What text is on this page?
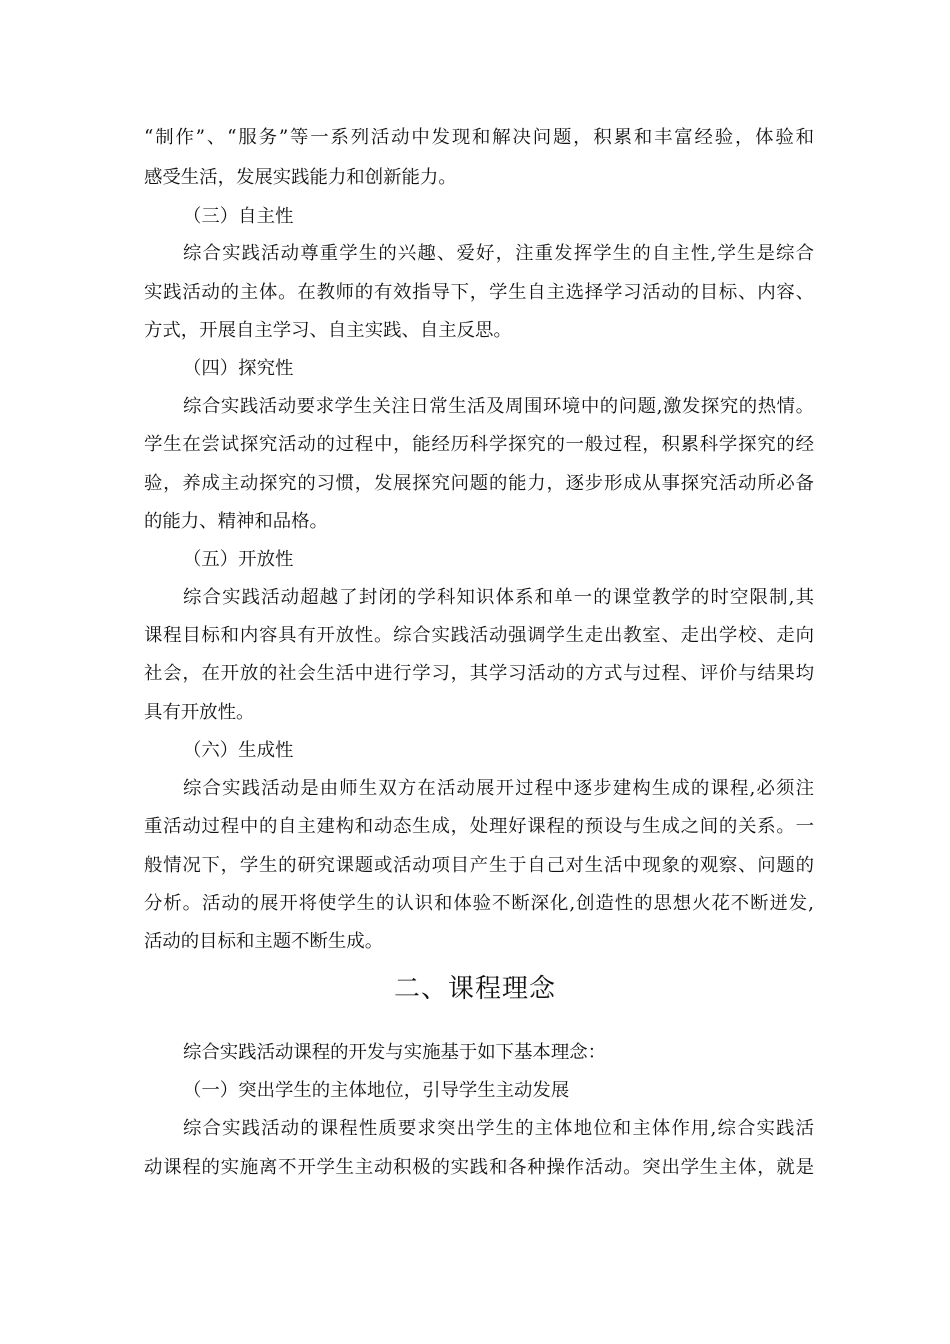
“制作”、“服务”等一系列活动中发现和解决问题，积累和丰富经验，体验和
感受生活，发展实践能力和创新能力。
（三）自主性
综合实践活动尊重学生的兴趣、爱好，注重发挥学生的自主性,学生是综合
实践活动的主体。在教师的有效指导下，学生自主选择学习活动的目标、内容、
方式，开展自主学习、自主实践、自主反思。
（四）探究性
综合实践活动要求学生关注日常生活及周围环境中的问题,激发探究的热情。
学生在尝试探究活动的过程中，能经历科学探究的一般过程，积累科学探究的经
验，养成主动探究的习惯，发展探究问题的能力，逐步形成从事探究活动所必备
的能力、精神和品格。
（五）开放性
综合实践活动超越了封闭的学科知识体系和单一的课堂教学的时空限制,其
课程目标和内容具有开放性。综合实践活动强调学生走出教室、走出学校、走向
社会，在开放的社会生活中进行学习，其学习活动的方式与过程、评价与结果均
具有开放性。
（六）生成性
综合实践活动是由师生双方在活动展开过程中逐步建构生成的课程,必须注
重活动过程中的自主建构和动态生成，处理好课程的预设与生成之间的关系。一
般情况下，学生的研究课题或活动项目产生于自己对生活中现象的观察、问题的
分析。活动的展开将使学生的认识和体验不断深化,创造性的思想火花不断迸发,
活动的目标和主题不断生成。
二、课程理念
综合实践活动课程的开发与实施基于如下基本理念：
（一）突出学生的主体地位，引导学生主动发展
综合实践活动的课程性质要求突出学生的主体地位和主体作用,综合实践活
动课程的实施离不开学生主动积极的实践和各种操作活动。突出学生主体，就是
